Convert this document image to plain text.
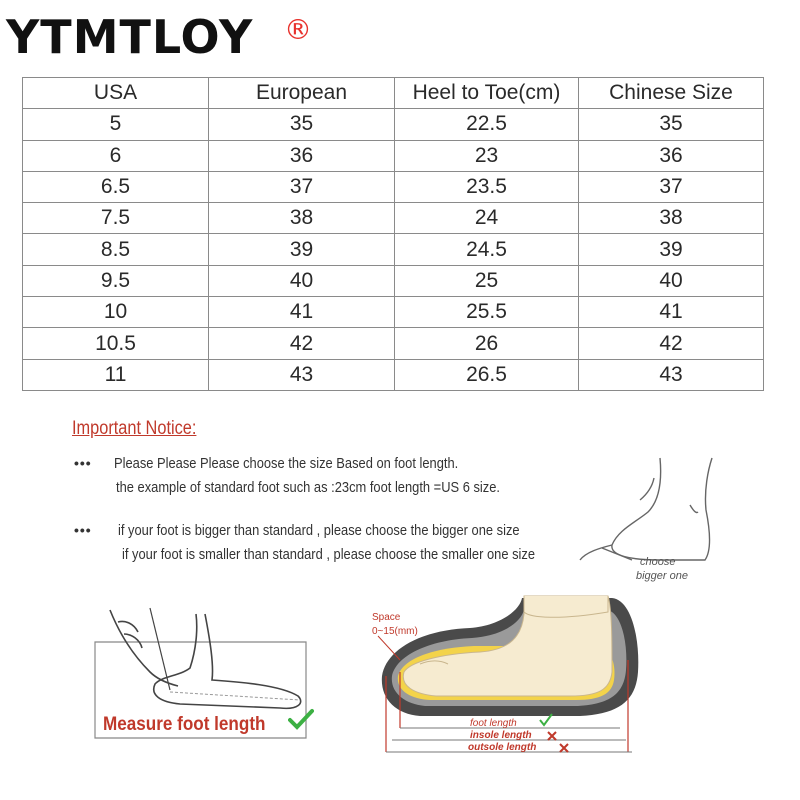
YTMTLOY ®
USA	European	Heel to Toe(cm)	Chinese Size
5	35	22.5	35
6	36	23	36
6.5	37	23.5	37
7.5	38	24	38
8.5	39	24.5	39
9.5	40	25	40
10	41	25.5	41
10.5	42	26	42
11	43	26.5	43
Important Notice:
••• Please Please Please choose the size Based on foot length.
the example of standard foot such as :23cm foot length =US 6 size.
••• if your foot is bigger than standard , please choose the bigger one size
if your foot is smaller than standard , please choose the smaller one size	choose
bigger one
Space
0~15(mm)
foot length
insole length
outsole length
Measure foot length
